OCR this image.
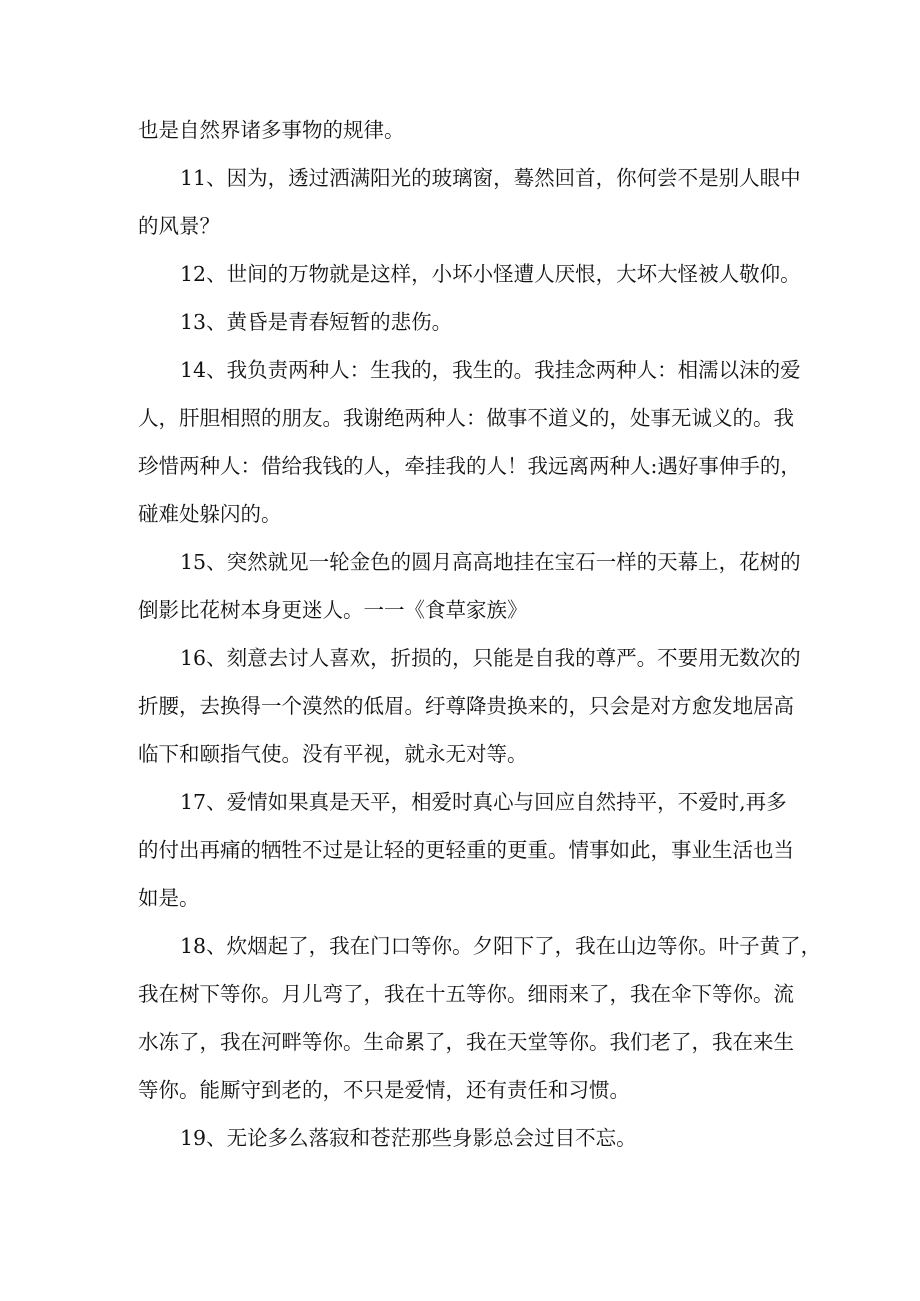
也是自然界诸多事物的规律。
11、因为，透过洒满阳光的玻璃窗，蓦然回首，你何尝不是别人眼中
的风景？
12、世间的万物就是这样，小坏小怪遭人厌恨，大坏大怪被人敬仰。
13、黄昏是青春短暂的悲伤。
14、我负责两种人：生我的，我生的。我挂念两种人：相濡以沫的爱
人，肝胆相照的朋友。我谢绝两种人：做事不道义的，处事无诚义的。我
珍惜两种人：借给我钱的人，牵挂我的人！我远离两种人:遇好事伸手的，
碰难处躲闪的。
15、突然就见一轮金色的圆月高高地挂在宝石一样的天幕上，花树的
倒影比花树本身更迷人。一一《食草家族》
16、刻意去讨人喜欢，折损的，只能是自我的尊严。不要用无数次的
折腰，去换得一个漠然的低眉。纡尊降贵换来的，只会是对方愈发地居高
临下和颐指气使。没有平视，就永无对等。
17、爱情如果真是天平，相爱时真心与回应自然持平，不爱时,再多
的付出再痛的牺牲不过是让轻的更轻重的更重。情事如此，事业生活也当
如是。
18、炊烟起了，我在门口等你。夕阳下了，我在山边等你。叶子黄了，
我在树下等你。月儿弯了，我在十五等你。细雨来了，我在伞下等你。流
水冻了，我在河畔等你。生命累了，我在天堂等你。我们老了，我在来生
等你。能厮守到老的，不只是爱情，还有责任和习惯。
19、无论多么落寂和苍茫那些身影总会过目不忘。
